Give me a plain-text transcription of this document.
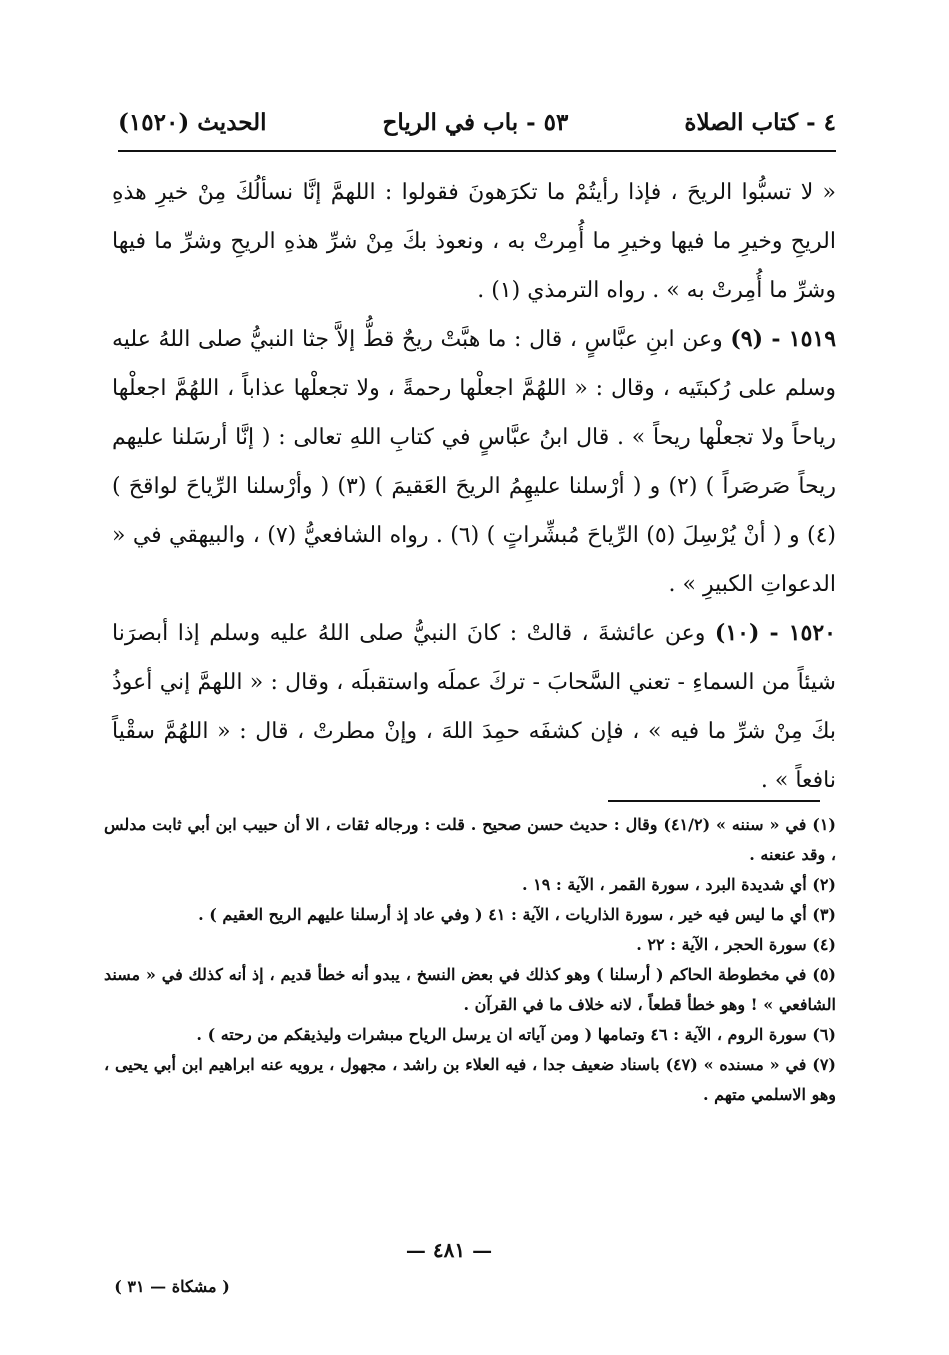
٤ - كتاب الصلاة
٥٣ - باب في الرياح
الحديث (١٥٢٠)

« لا تسبُّوا الريحَ ، فإذا رأيتُمْ ما تكرَهونَ فقولوا : اللهمَّ إنَّا نسألُكَ مِنْ خيرِ هذهِ الريحِ وخيرِ ما فيها وخيرِ ما أُمِرتْ به ، ونعوذ بكَ مِنْ شرِّ هذهِ الريحِ وشرِّ ما فيها وشرِّ ما أُمِرتْ به » . رواه الترمذي (١) .

١٥١٩ - (٩) وعن ابنِ عبَّاسٍ ، قال : ما هبَّتْ ريحٌ قطُّ إلاَّ جثا النبيُّ صلى اللهُ عليه وسلم على رُكبتَيه ، وقال : « اللهُمَّ اجعلْها رحمةً ، ولا تجعلْها عذاباً ، اللهُمَّ اجعلْها رياحاً ولا تجعلْها ريحاً » . قال ابنُ عبَّاسٍ في كتابِ اللهِ تعالى : ( إنَّا أرسَلنا عليهم ريحاً صَرصَراً ) (٢) و ( أرْسلنا عليهِمُ الريحَ العَقيمَ ) (٣) ( وأرْسلنا الرِّياحَ لواقحَ ) (٤) و ( أنْ يُرْسِلَ (٥) الرِّياحَ مُبشِّراتٍ ) (٦) . رواه الشافعيُّ (٧) ، والبيهقي في « الدعواتِ الكبيرِ » .

١٥٢٠ - (١٠) وعن عائشةَ ، قالتْ : كانَ النبيُّ صلى اللهُ عليه وسلم إذا أبصرَنا شيئاً من السماءِ - تعني السَّحابَ - تركَ عملَه واستقبلَه ، وقال : « اللهمَّ إني أعوذُ بكَ مِنْ شرِّ ما فيه » ، فإن كشفَه حمِدَ اللهَ ، وإنْ مطرتْ ، قال : « اللهُمَّ سقْياً نافعاً » .

(١) في « سننه » (٤١/٢) وقال : حديث حسن صحيح . قلت : ورجاله ثقات ، الا أن حبيب ابن أبي ثابت مدلس ، وقد عنعنه .

(٢) أي شديدة البرد ، سورة القمر ، الآية : ١٩ .

(٣) أي ما ليس فيه خير ، سورة الذاريات ، الآية : ٤١ ( وفي عاد إذ أرسلنا عليهم الريح العقيم ) .

(٤) سورة الحجر ، الآية : ٢٢ .

(٥) في مخطوطة الحاكم ( أرسلنا ) وهو كذلك في بعض النسخ ، يبدو أنه خطأ قديم ، إذ أنه كذلك في « مسند الشافعي » ! وهو خطأ قطعاً ، لانه خلاف ما في القرآن .

(٦) سورة الروم ، الآية : ٤٦ وتمامها ( ومن آياته ان يرسل الرياح مبشرات وليذيقكم من رحته ) .

(٧) في « مسنده » (٤٧) باسناد ضعيف جدا ، فيه العلاء بن راشد ، مجهول ، يرويه عنه ابراهيم ابن أبي يحيى ، وهو الاسلمي متهم .

— ٤٨١ —
( مشكاة — ٣١ )
